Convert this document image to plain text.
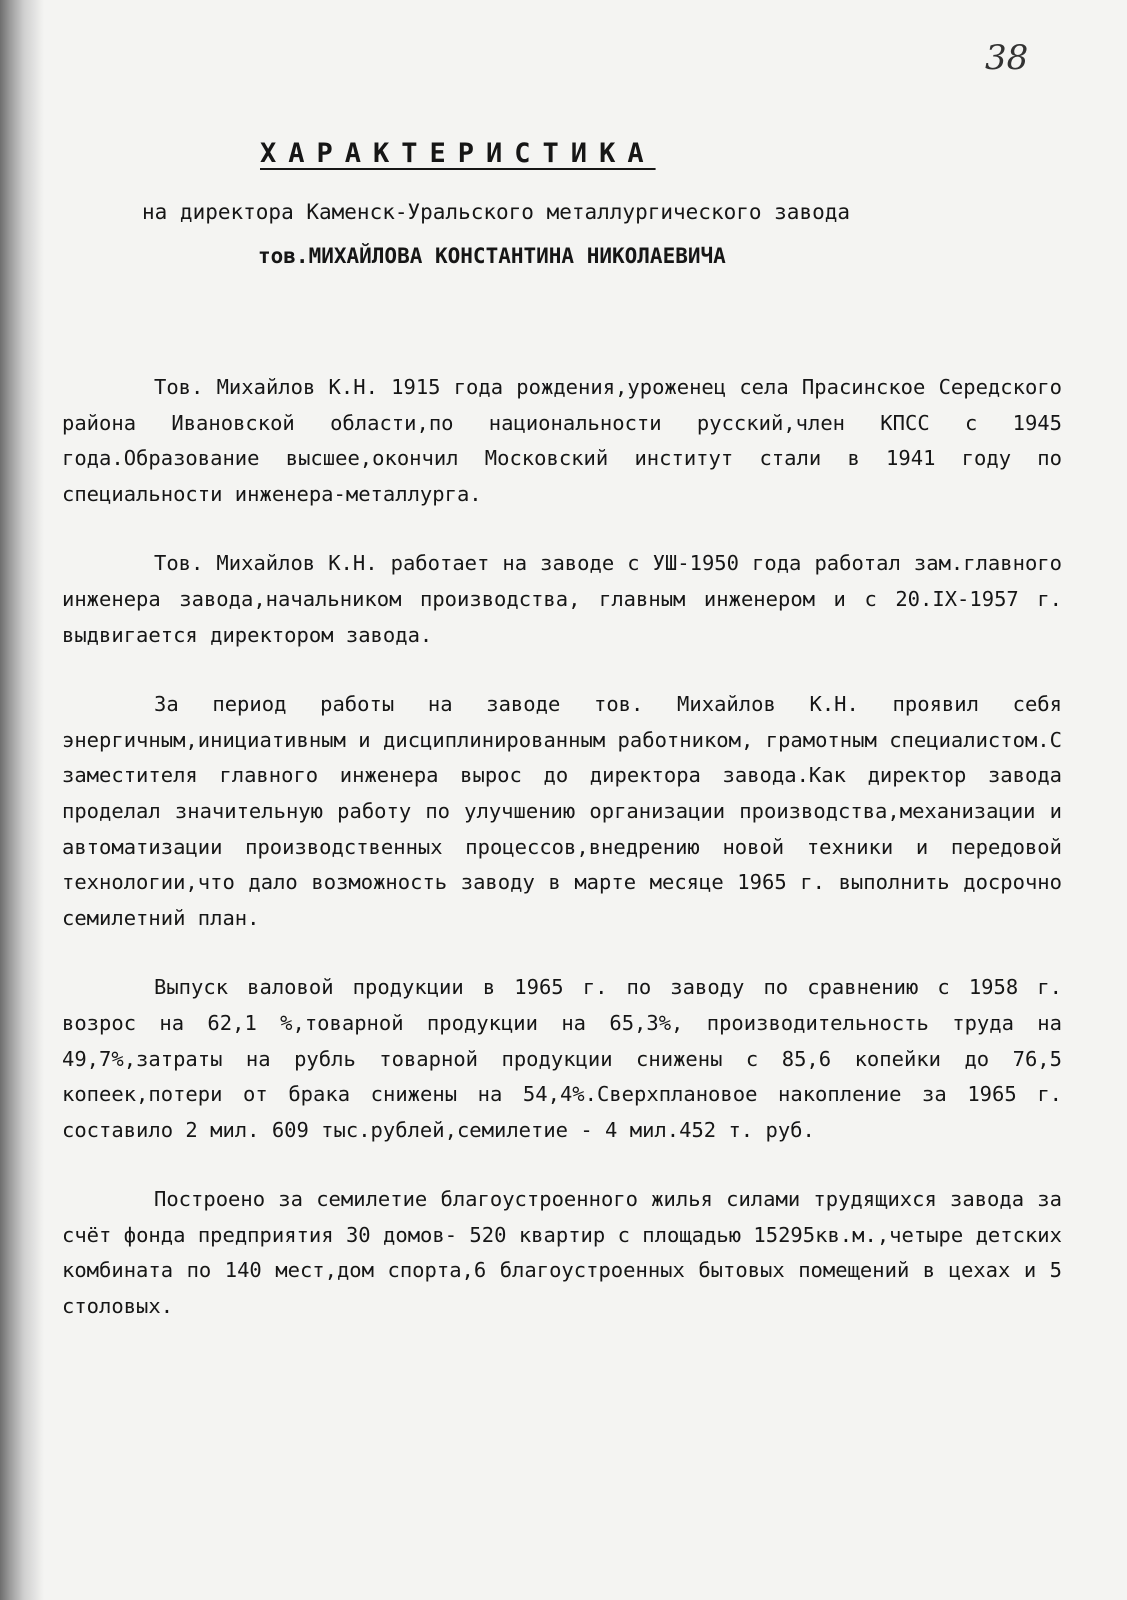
38
ХАРАКТЕРИСТИКА
на директора Каменск-Уральского металлургического завода
тов.МИХАЙЛОВА КОНСТАНТИНА НИКОЛАЕВИЧА

Тов. Михайлов К.Н. 1915 года рождения,уроженец села Прасинское Середского района Ивановской области,по национальности русский,член КПСС с 1945 года.Образование высшее,окончил Московский институт стали в 1941 году по специальности инженера-металлурга.

Тов. Михайлов К.Н. работает на заводе с УШ-1950 года работал зам.главного инженера завода,начальником производства, главным инженером и с 20.IX-1957 г. выдвигается директором завода.

За период работы на заводе тов. Михайлов К.Н. проявил себя энергичным,инициативным и дисциплинированным работником, грамотным специалистом.С заместителя главного инженера вырос до директора завода.Как директор завода проделал значительную работу по улучшению организации производства,механизации и автоматизации производственных процессов,внедрению новой техники и передовой технологии,что дало возможность заводу в марте месяце 1965 г. выполнить досрочно семилетний план.

Выпуск валовой продукции в 1965 г. по заводу по сравнению с 1958 г. возрос на 62,1 %,товарной продукции на 65,3%, производительность труда на 49,7%,затраты на рубль товарной продукции снижены с 85,6 копейки до 76,5 копеек,потери от брака снижены на 54,4%.Сверхплановое накопление за 1965 г. составило 2 мил. 609 тыс.рублей,семилетие - 4 мил.452 т. руб.

Построено за семилетие благоустроенного жилья силами трудящихся завода за счёт фонда предприятия 30 домов- 520 квартир с площадью 15295кв.м.,четыре детских комбината по 140 мест,дом спорта,6 благоустроенных бытовых помещений в цехах и 5 столовых.
